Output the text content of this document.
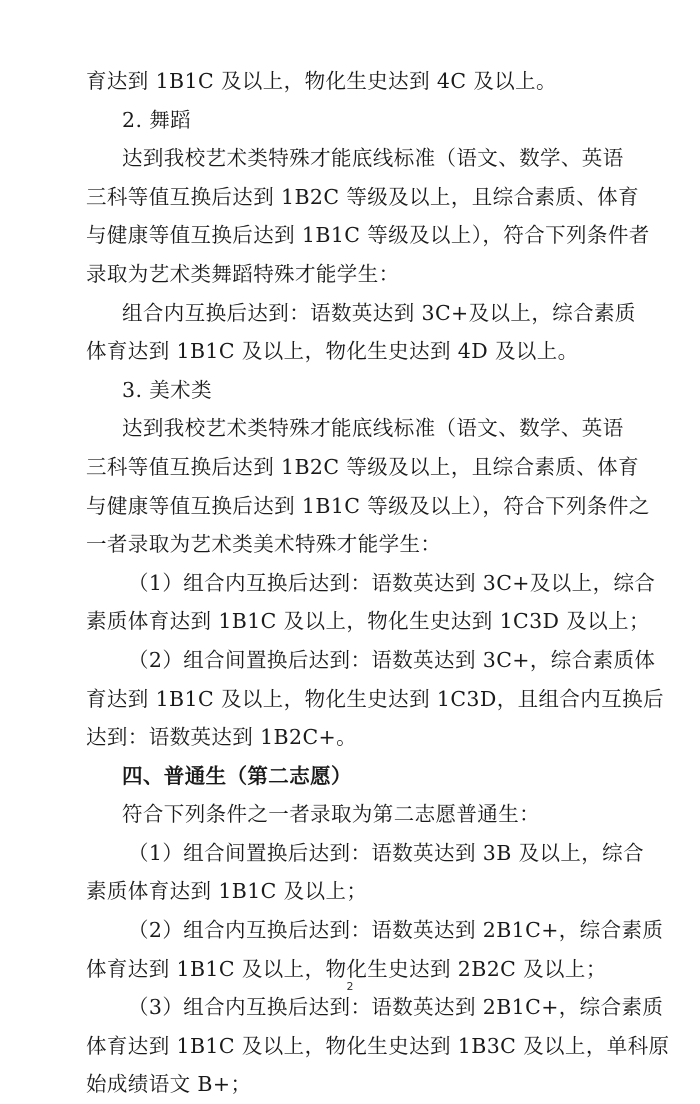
育达到 1B1C 及以上，物化生史达到 4C 及以上。
2. 舞蹈
达到我校艺术类特殊才能底线标准（语文、数学、英语
三科等值互换后达到 1B2C 等级及以上，且综合素质、体育
与健康等值互换后达到 1B1C 等级及以上），符合下列条件者
录取为艺术类舞蹈特殊才能学生：
组合内互换后达到：语数英达到 3C+及以上，综合素质
体育达到 1B1C 及以上，物化生史达到 4D 及以上。
3. 美术类
达到我校艺术类特殊才能底线标准（语文、数学、英语
三科等值互换后达到 1B2C 等级及以上，且综合素质、体育
与健康等值互换后达到 1B1C 等级及以上），符合下列条件之
一者录取为艺术类美术特殊才能学生：
（1）组合内互换后达到：语数英达到 3C+及以上，综合
素质体育达到 1B1C 及以上，物化生史达到 1C3D 及以上；
（2）组合间置换后达到：语数英达到 3C+，综合素质体
育达到 1B1C 及以上，物化生史达到 1C3D，且组合内互换后
达到：语数英达到 1B2C+。
四、普通生（第二志愿）
符合下列条件之一者录取为第二志愿普通生：
（1）组合间置换后达到：语数英达到 3B 及以上，综合
素质体育达到 1B1C 及以上；
（2）组合内互换后达到：语数英达到 2B1C+，综合素质
体育达到 1B1C 及以上，物化生史达到 2B2C 及以上；
（3）组合内互换后达到：语数英达到 2B1C+，综合素质
体育达到 1B1C 及以上，物化生史达到 1B3C 及以上，单科原
始成绩语文 B+；
2
